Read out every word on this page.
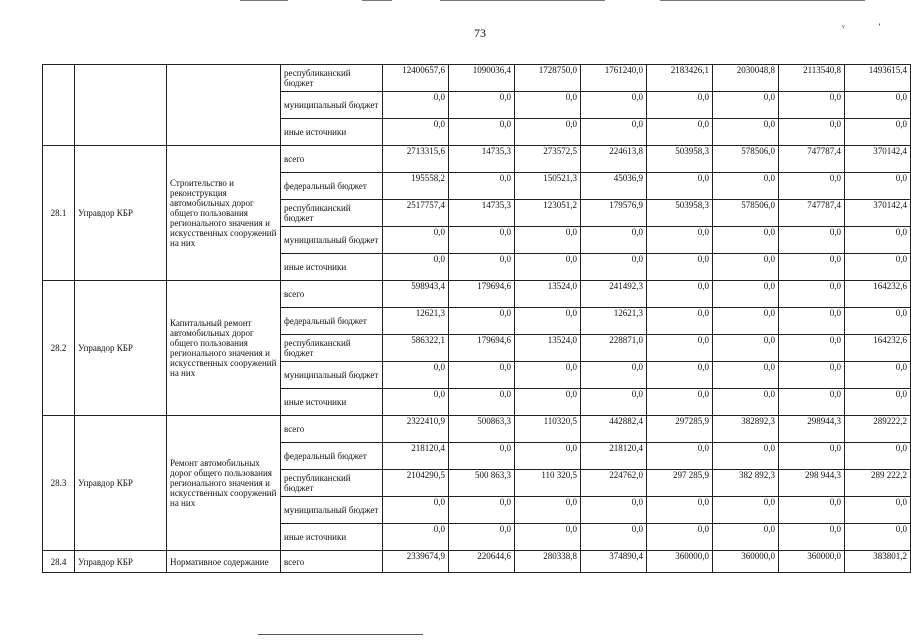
73	ᵞ	ʼ
			республиканский бюджет	12400657,6	1090036,4	1728750,0	1761240,0	2183426,1	2030048,8	2113540,8	1493615,4
			муниципальный бюджет	0,0	0,0	0,0	0,0	0,0	0,0	0,0	0,0
			иные источники	0,0	0,0	0,0	0,0	0,0	0,0	0,0	0,0
28.1	Управдор КБР	Строительство и реконструкция автомобильных дорог общего пользования регионального значения и искусственных сооружений на них	всего	2713315,6	14735,3	273572,5	224613,8	503958,3	578506,0	747787,4	370142,4
			федеральный бюджет	195558,2	0,0	150521,3	45036,9	0,0	0,0	0,0	0,0
			республиканский бюджет	2517757,4	14735,3	123051,2	179576,9	503958,3	578506,0	747787,4	370142,4
			муниципальный бюджет	0,0	0,0	0,0	0,0	0,0	0,0	0,0	0,0
			иные источники	0,0	0,0	0,0	0,0	0,0	0,0	0,0	0,0
28.2	Управдор КБР	Капитальный ремонт автомобильных дорог общего пользования регионального значения и искусственных сооружений на них	всего	598943,4	179694,6	13524,0	241492,3	0,0	0,0	0,0	164232,6
			федеральный бюджет	12621,3	0,0	0,0	12621,3	0,0	0,0	0,0	0,0
			республиканский бюджет	586322,1	179694,6	13524,0	228871,0	0,0	0,0	0,0	164232,6
			муниципальный бюджет	0,0	0,0	0,0	0,0	0,0	0,0	0,0	0,0
			иные источники	0,0	0,0	0,0	0,0	0,0	0,0	0,0	0,0
28.3	Управдор КБР	Ремонт автомобильных дорог общего пользования регионального значения и искусственных сооружений на них	всего	2322410,9	500863,3	110320,5	442882,4	297285,9	382892,3	298944,3	289222,2
			федеральный бюджет	218120,4	0,0	0,0	218120,4	0,0	0,0	0,0	0,0
			республиканский бюджет	2104290,5	500 863,3	110 320,5	224762,0	297 285,9	382 892,3	298 944,3	289 222,2
			муниципальный бюджет	0,0	0,0	0,0	0,0	0,0	0,0	0,0	0,0
			иные источники	0,0	0,0	0,0	0,0	0,0	0,0	0,0	0,0
28.4	Управдор КБР	Нормативное содержание	всего	2339674,9	220644,6	280338,8	374890,4	360000,0	360000,0	360000,0	383801,2
